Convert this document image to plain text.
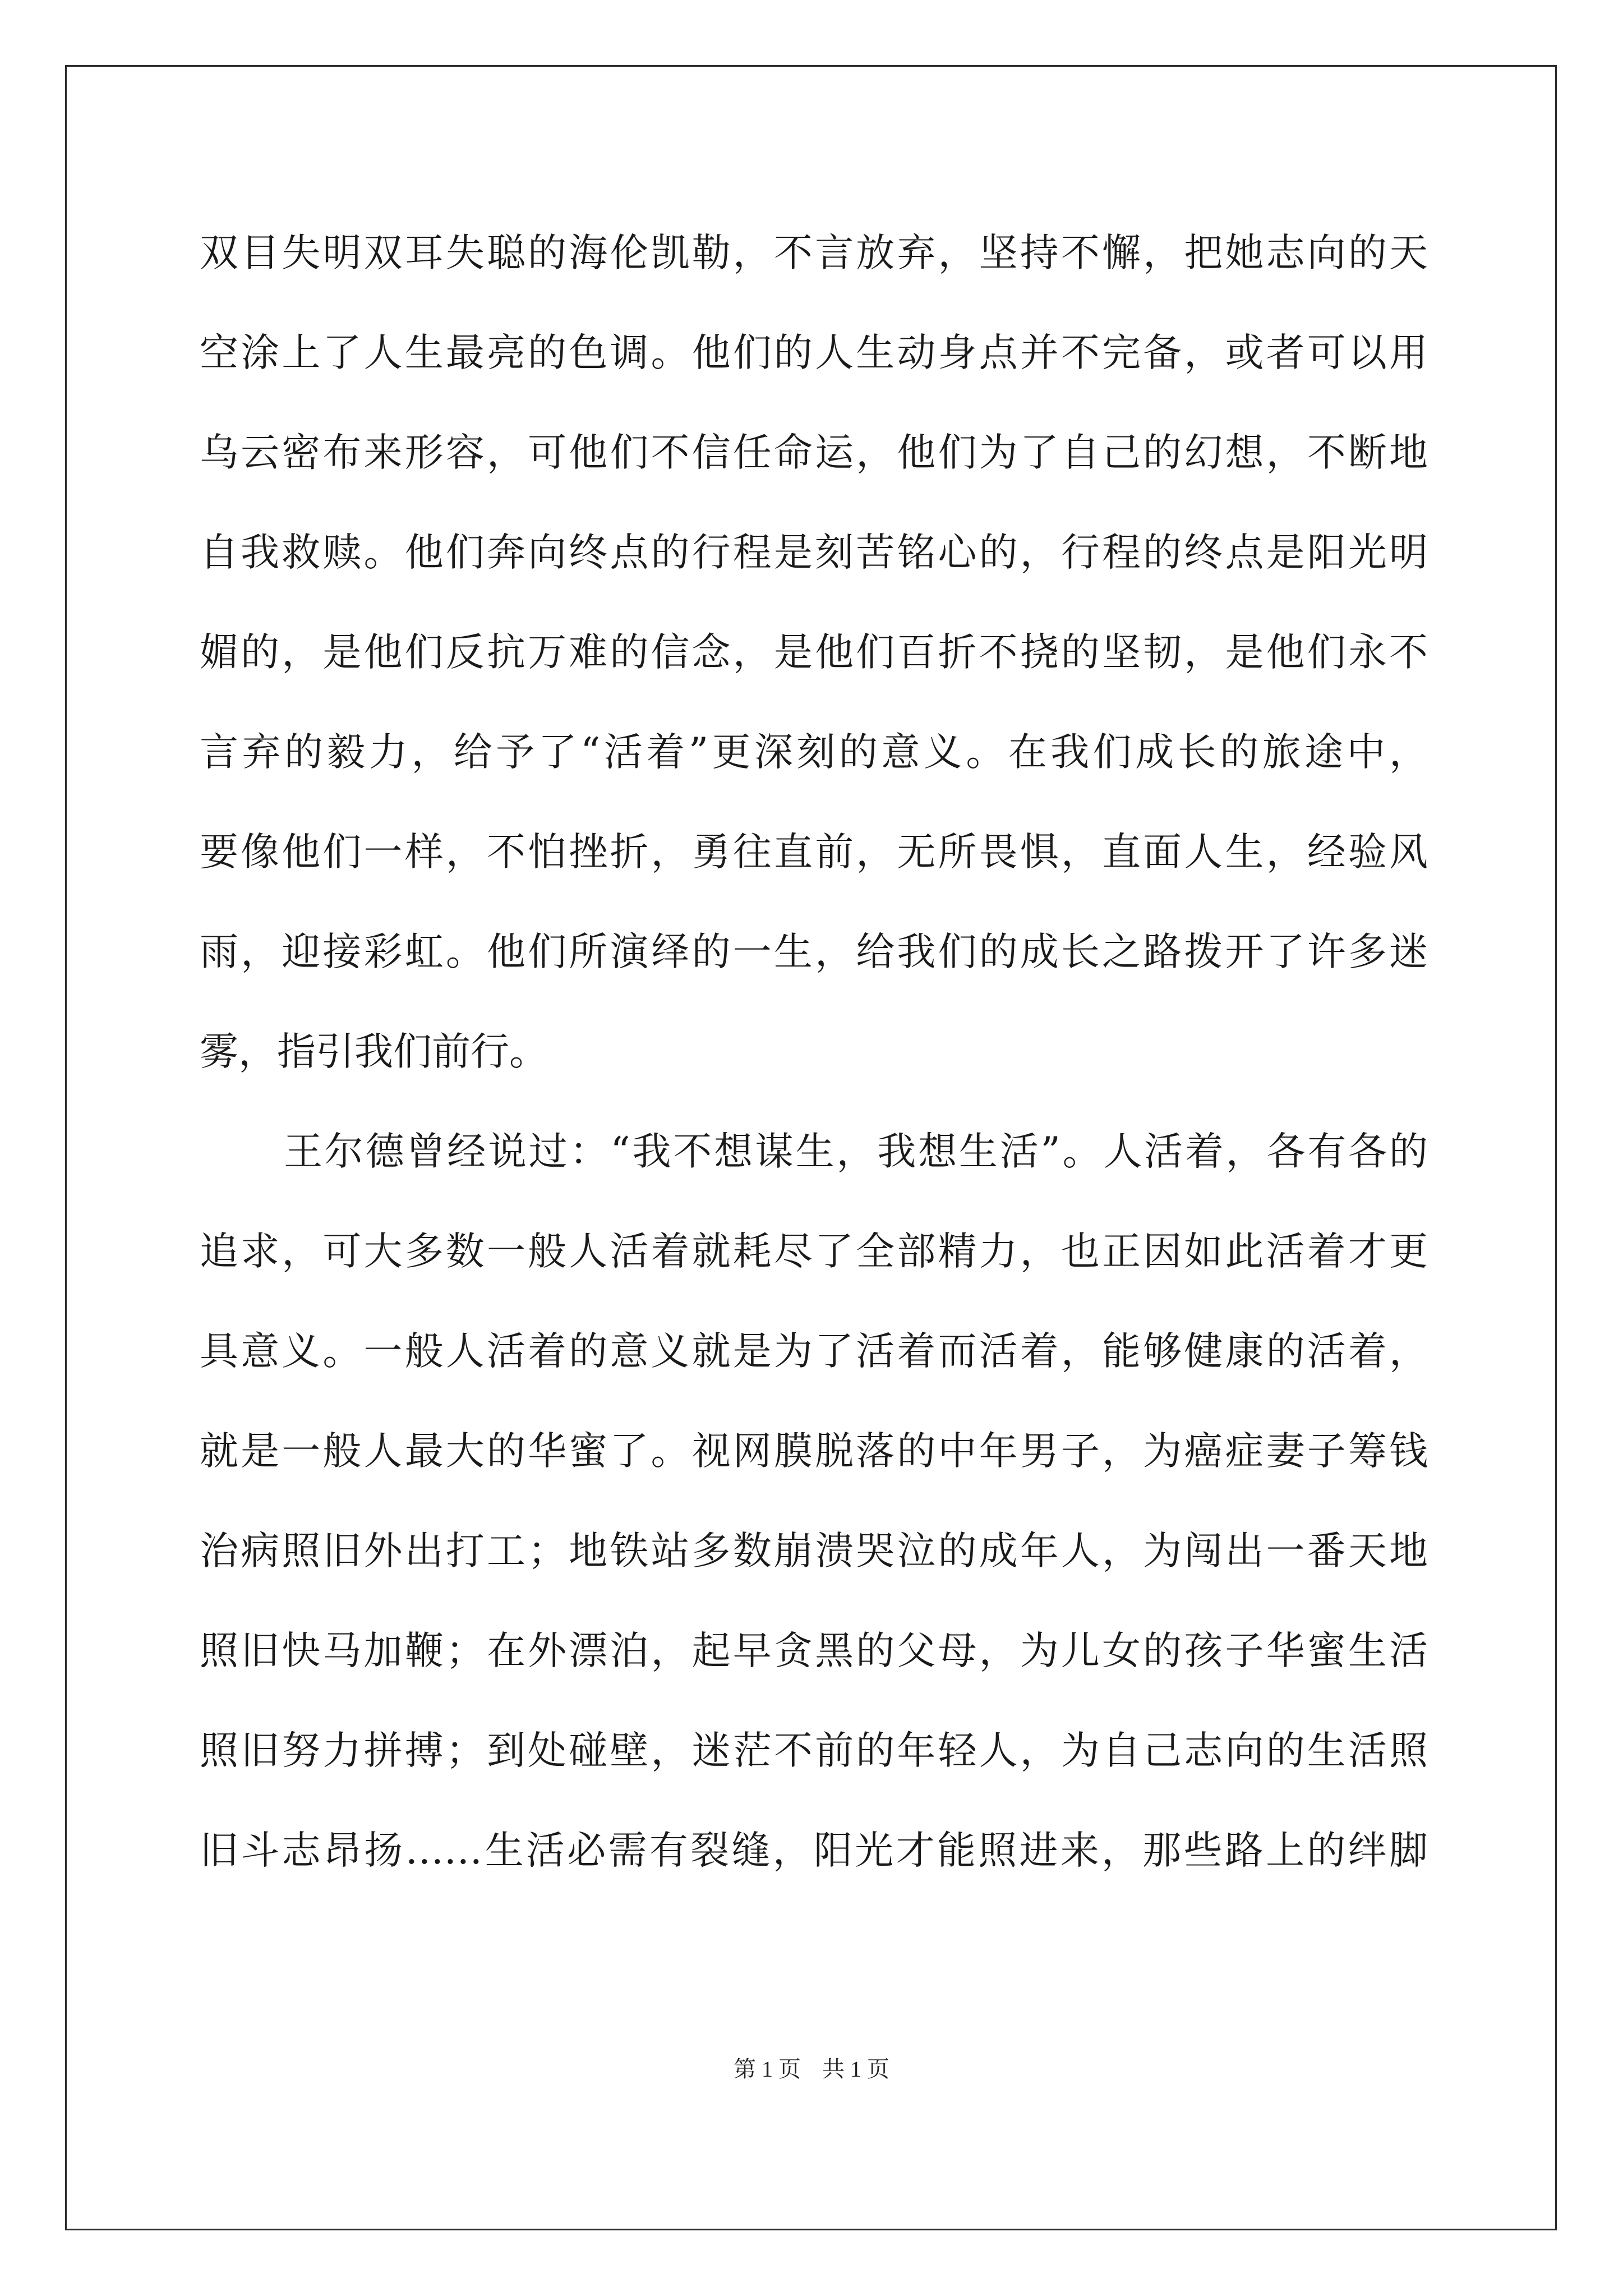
双目失明双耳失聪的海伦凯勒，不言放弃，坚持不懈，把她志向的天
空涂上了人生最亮的色调。他们的人生动身点并不完备，或者可以用
乌云密布来形容，可他们不信任命运，他们为了自己的幻想，不断地
自我救赎。他们奔向终点的行程是刻苦铭心的，行程的终点是阳光明
媚的，是他们反抗万难的信念，是他们百折不挠的坚韧，是他们永不
言弃的毅力，给予了“活着”更深刻的意义。在我们成长的旅途中，
要像他们一样，不怕挫折，勇往直前，无所畏惧，直面人生，经验风
雨，迎接彩虹。他们所演绎的一生，给我们的成长之路拨开了许多迷
雾，指引我们前行。
王尔德曾经说过：“我不想谋生，我想生活”。人活着，各有各的
追求，可大多数一般人活着就耗尽了全部精力，也正因如此活着才更
具意义。一般人活着的意义就是为了活着而活着，能够健康的活着，
就是一般人最大的华蜜了。视网膜脱落的中年男子，为癌症妻子筹钱
治病照旧外出打工；地铁站多数崩溃哭泣的成年人，为闯出一番天地
照旧快马加鞭；在外漂泊，起早贪黑的父母，为儿女的孩子华蜜生活
照旧努力拼搏；到处碰壁，迷茫不前的年轻人，为自己志向的生活照
旧斗志昂扬……生活必需有裂缝，阳光才能照进来，那些路上的绊脚
第 1 页 共 1 页
